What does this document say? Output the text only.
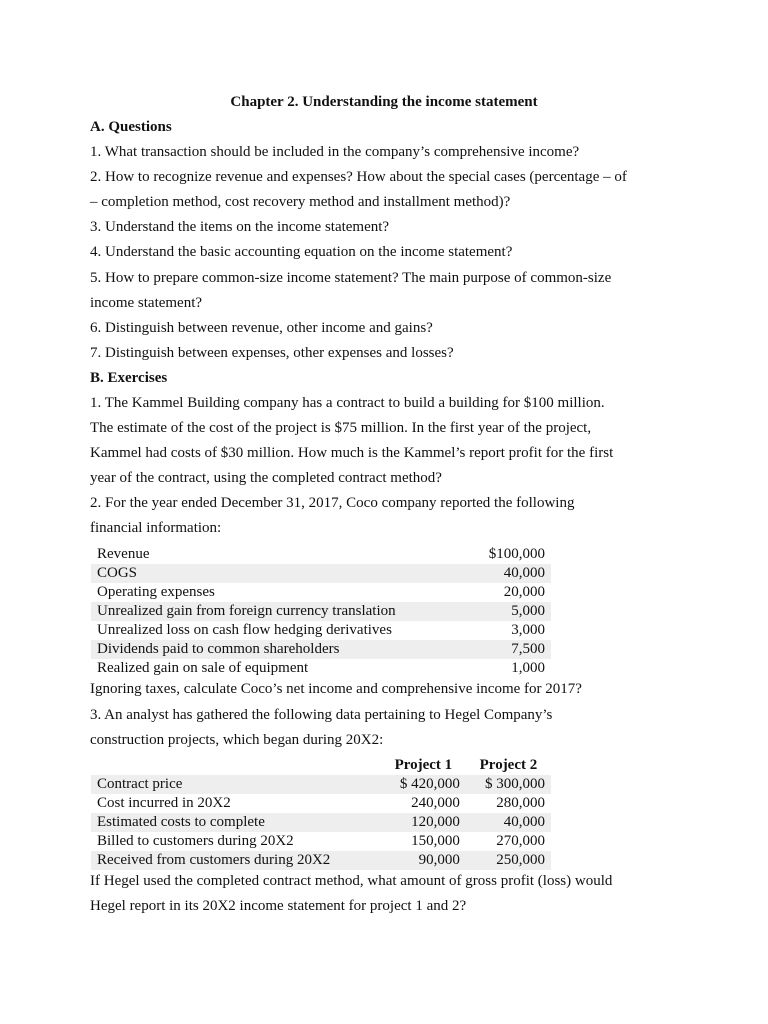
Chapter 2. Understanding the income statement
A. Questions
1. What transaction should be included in the company’s comprehensive income?
2. How to recognize revenue and expenses? How about the special cases (percentage – of
– completion method, cost recovery method and installment method)?
3. Understand the items on the income statement?
4. Understand the basic accounting equation on the income statement?
5. How to prepare common-size income statement? The main purpose of common-size
income statement?
6. Distinguish between revenue, other income and gains?
7. Distinguish between expenses, other expenses and losses?
B. Exercises
1. The Kammel Building company has a contract to build a building for $100 million.
The estimate of the cost of the project is $75 million. In the first year of the project,
Kammel had costs of $30 million. How much is the Kammel’s report profit for the first
year of the contract, using the completed contract method?
2. For the year ended December 31, 2017, Coco company reported the following
financial information:
Revenue	$100,000
COGS	40,000
Operating expenses	20,000
Unrealized gain from foreign currency translation	5,000
Unrealized loss on cash flow hedging derivatives	3,000
Dividends paid to common shareholders	7,500
Realized gain on sale of equipment	1,000
Ignoring taxes, calculate Coco’s net income and comprehensive income for 2017?
3. An analyst has gathered the following data pertaining to Hegel Company’s
construction projects, which began during 20X2:
	Project 1	Project 2
Contract price	$ 420,000	$ 300,000
Cost incurred in 20X2	240,000	280,000
Estimated costs to complete	120,000	40,000
Billed to customers during 20X2	150,000	270,000
Received from customers during 20X2	90,000	250,000
If Hegel used the completed contract method, what amount of gross profit (loss) would
Hegel report in its 20X2 income statement for project 1 and 2?
